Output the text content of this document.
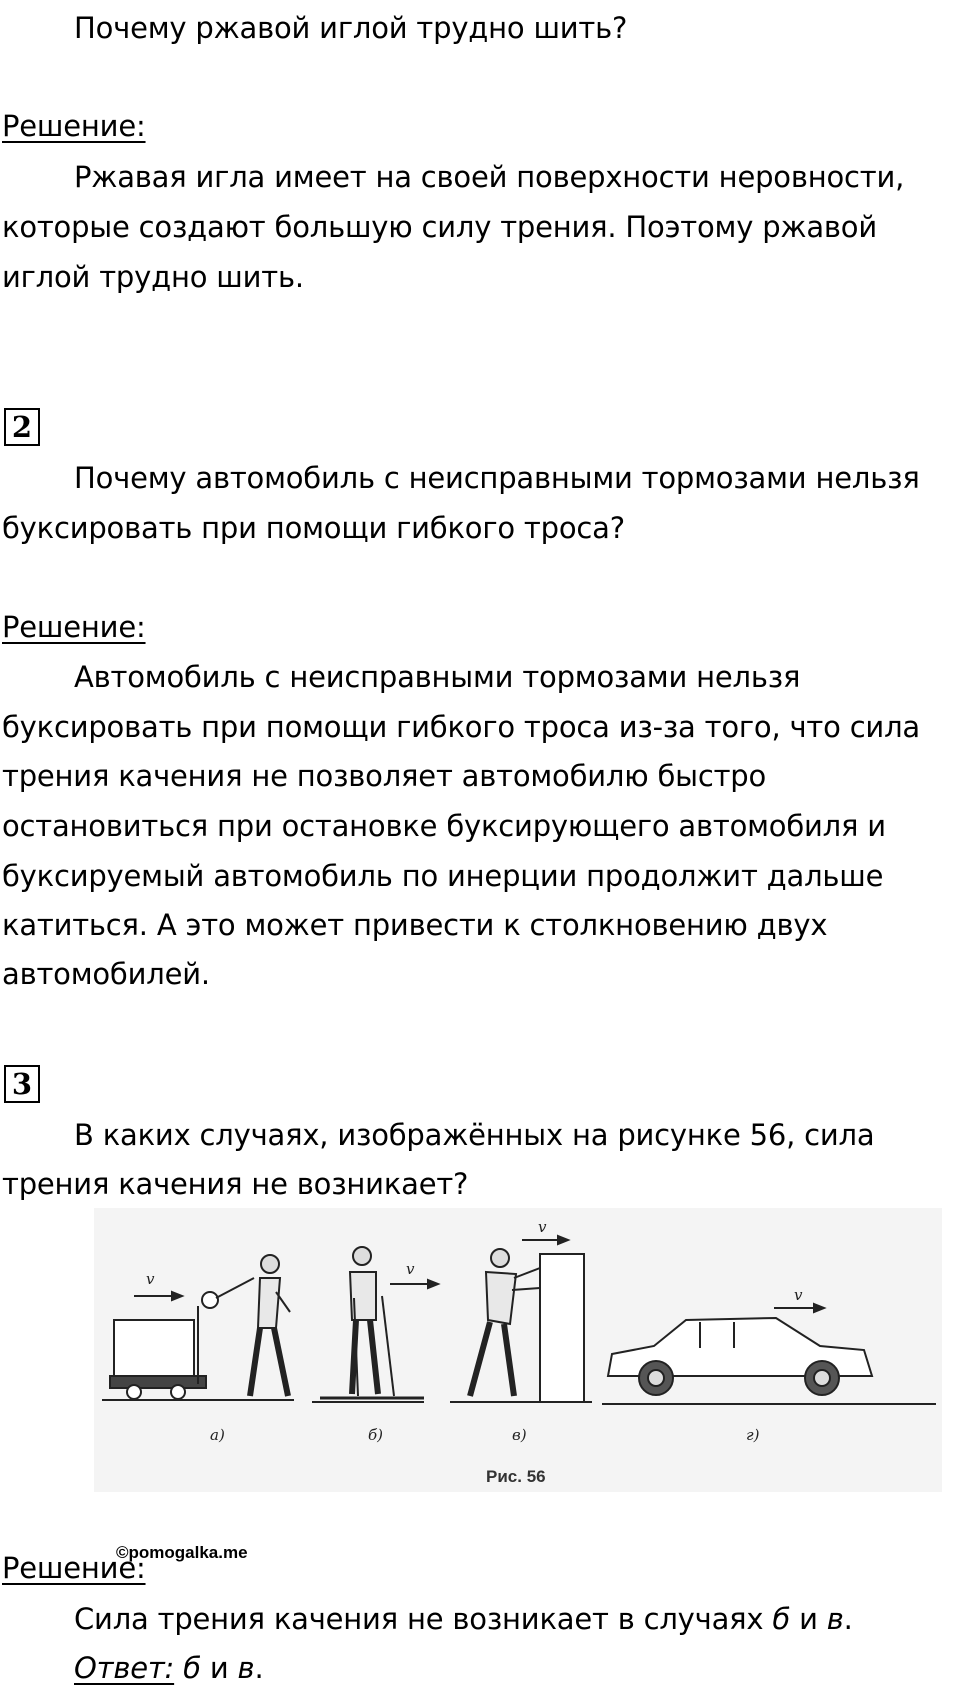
Почему ржавой иглой трудно шить?
Решение:
Ржавая игла имеет на своей поверхности неровности,
которые создают большую силу трения. Поэтому ржавой
иглой трудно шить.
2
Почему автомобиль с неисправными тормозами нельзя
буксировать при помощи гибкого троса?
Решение:
Автомобиль с неисправными тормозами нельзя
буксировать при помощи гибкого троса из-за того, что сила
трения качения не позволяет автомобилю быстро
остановиться при остановке буксирующего автомобиля и
буксируемый автомобиль по инерции продолжит дальше
катиться. А это может привести к столкновению двух
автомобилей.
3
В каких случаях, изображённых на рисунке 56, сила
трения качения не возникает?
v
v
v
v
а)	б)	в)	г)
Рис. 56
©pomogalka.me
Решение:
Сила трения качения не возникает в случаях б и в.
Ответ: б и в.
